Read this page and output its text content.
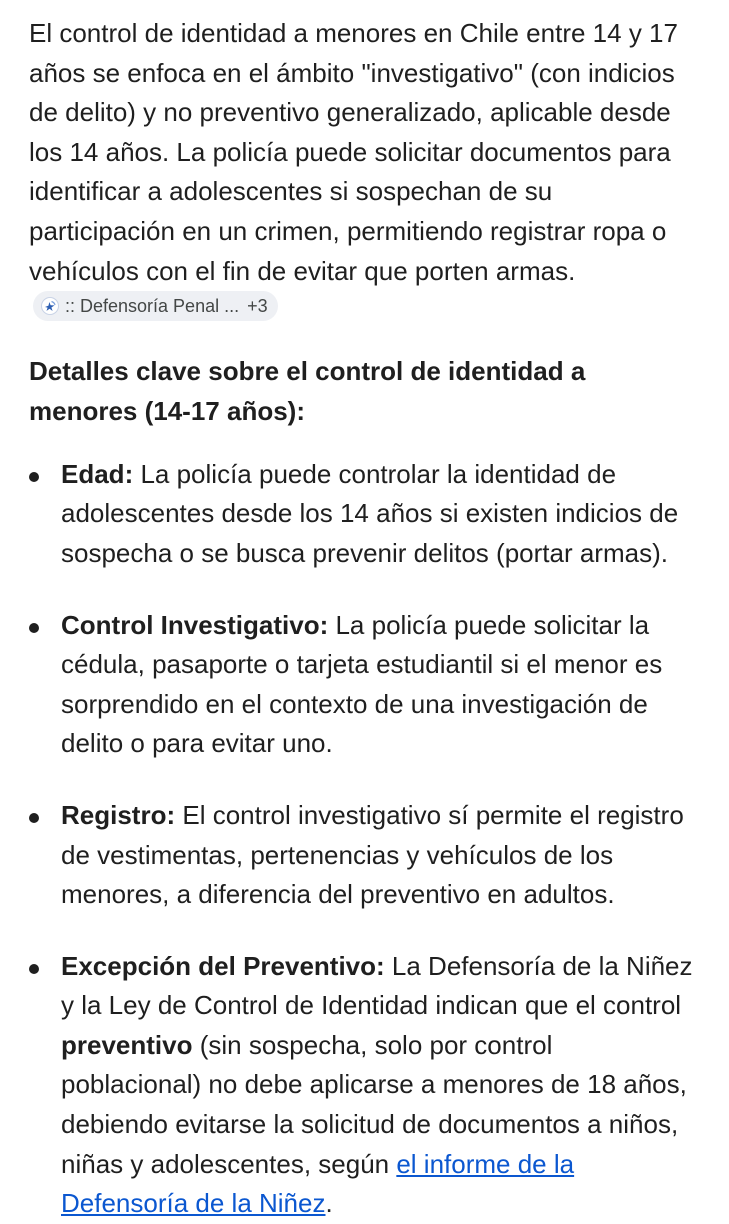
El control de identidad a menores en Chile entre 14 y 17 años se enfoca en el ámbito "investigativo" (con indicios de delito) y no preventivo generalizado, aplicable desde los 14 años. La policía puede solicitar documentos para identificar a adolescentes si sospechan de su participación en un crimen, permitiendo registrar ropa o vehículos con el fin de evitar que porten armas.
:: Defensoría Penal ... +3

Detalles clave sobre el control de identidad a menores (14-17 años):
Edad: La policía puede controlar la identidad de adolescentes desde los 14 años si existen indicios de sospecha o se busca prevenir delitos (portar armas).
Control Investigativo: La policía puede solicitar la cédula, pasaporte o tarjeta estudiantil si el menor es sorprendido en el contexto de una investigación de delito o para evitar uno.
Registro: El control investigativo sí permite el registro de vestimentas, pertenencias y vehículos de los menores, a diferencia del preventivo en adultos.
Excepción del Preventivo: La Defensoría de la Niñez y la Ley de Control de Identidad indican que el control preventivo (sin sospecha, solo por control poblacional) no debe aplicarse a menores de 18 años, debiendo evitarse la solicitud de documentos a niños, niñas y adolescentes, según el informe de la Defensoría de la Niñez.
